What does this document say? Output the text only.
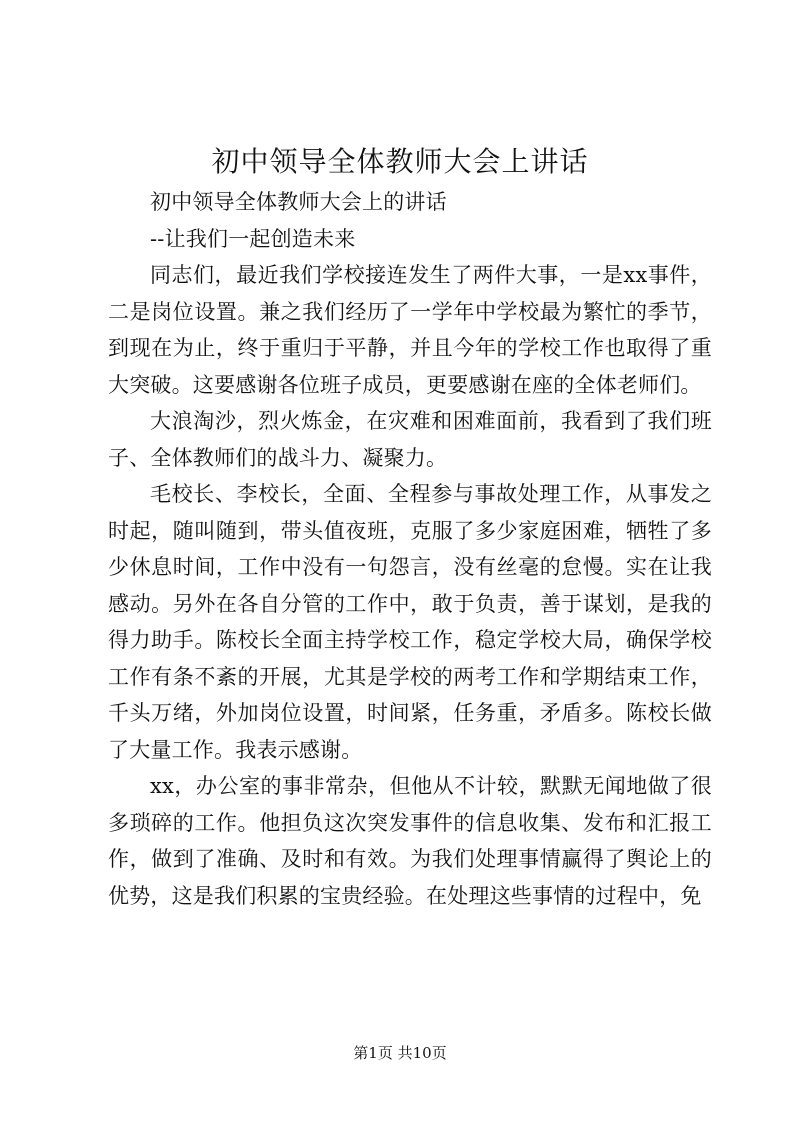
初中领导全体教师大会上讲话

初中领导全体教师大会上的讲话

--让我们一起创造未来

同志们，最近我们学校接连发生了两件大事，一是xx事件，二是岗位设置。兼之我们经历了一学年中学校最为繁忙的季节，到现在为止，终于重归于平静，并且今年的学校工作也取得了重大突破。这要感谢各位班子成员，更要感谢在座的全体老师们。

大浪淘沙，烈火炼金，在灾难和困难面前，我看到了我们班子、全体教师们的战斗力、凝聚力。

毛校长、李校长，全面、全程参与事故处理工作，从事发之时起，随叫随到，带头值夜班，克服了多少家庭困难，牺牲了多少休息时间，工作中没有一句怨言，没有丝毫的怠慢。实在让我感动。另外在各自分管的工作中，敢于负责，善于谋划，是我的得力助手。陈校长全面主持学校工作，稳定学校大局，确保学校工作有条不紊的开展，尤其是学校的两考工作和学期结束工作，千头万绪，外加岗位设置，时间紧，任务重，矛盾多。陈校长做了大量工作。我表示感谢。

xx，办公室的事非常杂，但他从不计较，默默无闻地做了很多琐碎的工作。他担负这次突发事件的信息收集、发布和汇报工作，做到了准确、及时和有效。为我们处理事情赢得了舆论上的优势，这是我们积累的宝贵经验。在处理这些事情的过程中，免

第1页 共10页
